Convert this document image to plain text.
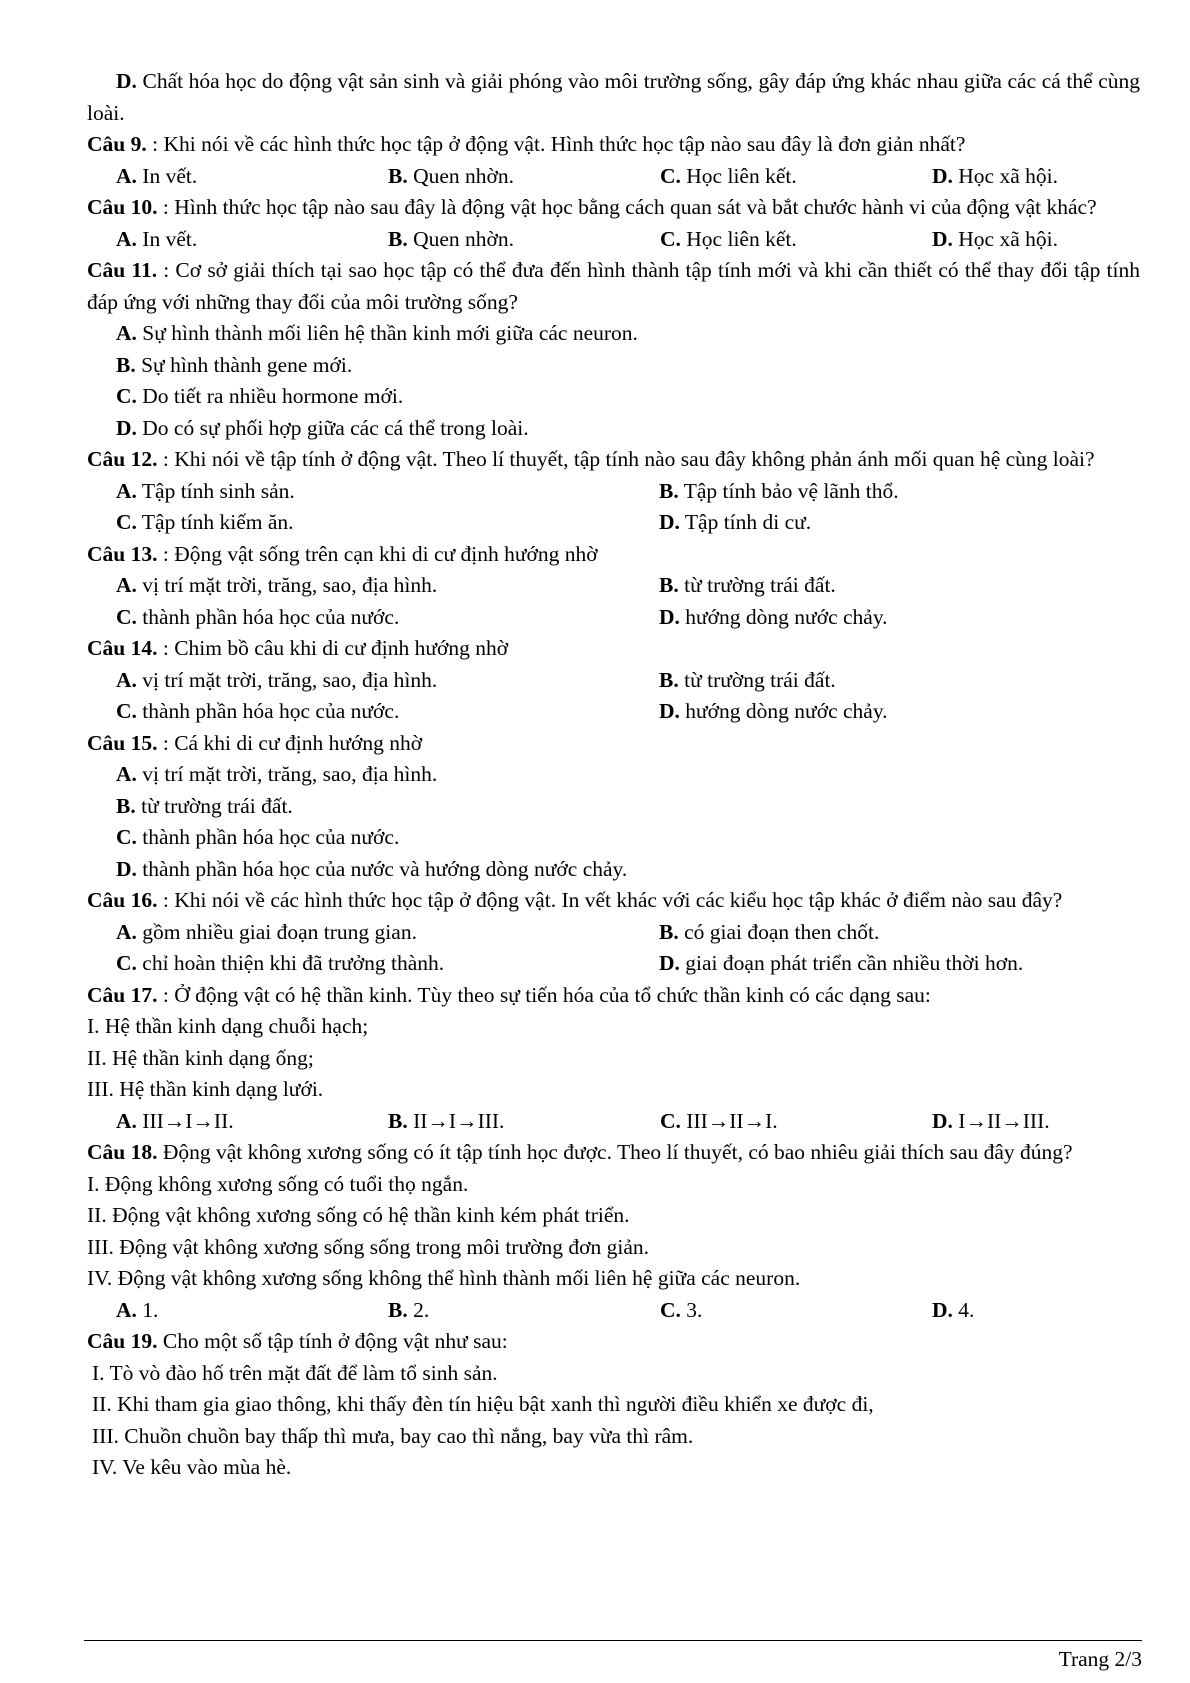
D. Chất hóa học do động vật sản sinh và giải phóng vào môi trường sống, gây đáp ứng khác nhau giữa các cá thể cùng loài.

Câu 9. : Khi nói về các hình thức học tập ở động vật. Hình thức học tập nào sau đây là đơn giản nhất?

A. In vết.	B. Quen nhờn.	C. Học liên kết.	D. Học xã hội.

Câu 10. : Hình thức học tập nào sau đây là động vật học bằng cách quan sát và bắt chước hành vi của động vật khác?

A. In vết.	B. Quen nhờn.	C. Học liên kết.	D. Học xã hội.

Câu 11. : Cơ sở giải thích tại sao học tập có thể đưa đến hình thành tập tính mới và khi cần thiết có thể thay đổi tập tính đáp ứng với những thay đổi của môi trường sống?

A. Sự hình thành mối liên hệ thần kinh mới giữa các neuron.
B. Sự hình thành gene mới.
C. Do tiết ra nhiều hormone mới.
D. Do có sự phối hợp giữa các cá thể trong loài.

Câu 12. : Khi nói về tập tính ở động vật. Theo lí thuyết, tập tính nào sau đây không phản ánh mối quan hệ cùng loài?

A. Tập tính sinh sản.	B. Tập tính bảo vệ lãnh thổ.
C. Tập tính kiếm ăn.	D. Tập tính di cư.

Câu 13. : Động vật sống trên cạn khi di cư định hướng nhờ

A. vị trí mặt trời, trăng, sao, địa hình.	B. từ trường trái đất.
C. thành phần hóa học của nước.	D. hướng dòng nước chảy.

Câu 14. : Chim bồ câu khi di cư định hướng nhờ

A. vị trí mặt trời, trăng, sao, địa hình.	B. từ trường trái đất.
C. thành phần hóa học của nước.	D. hướng dòng nước chảy.

Câu 15. : Cá khi di cư định hướng nhờ

A. vị trí mặt trời, trăng, sao, địa hình.
B. từ trường trái đất.
C. thành phần hóa học của nước.
D. thành phần hóa học của nước và hướng dòng nước chảy.

Câu 16. : Khi nói về các hình thức học tập ở động vật. In vết khác với các kiểu học tập khác ở điểm nào sau đây?

A. gồm nhiều giai đoạn trung gian.	B. có giai đoạn then chốt.
C. chỉ hoàn thiện khi đã trưởng thành.	D. giai đoạn phát triển cần nhiều thời hơn.

Câu 17. : Ở động vật có hệ thần kinh. Tùy theo sự tiến hóa của tổ chức thần kinh có các dạng sau:

I. Hệ thần kinh dạng chuỗi hạch;

II. Hệ thần kinh dạng ống;

III. Hệ thần kinh dạng lưới.

A. III→I→II.	B. II→I→III.	C. III→II→I.	D. I→II→III.

Câu 18. Động vật không xương sống có ít tập tính học được. Theo lí thuyết, có bao nhiêu giải thích sau đây đúng?

I. Động không xương sống có tuổi thọ ngắn.

II. Động vật không xương sống có hệ thần kinh kém phát triển.

III. Động vật không xương sống sống trong môi trường đơn giản.

IV. Động vật không xương sống không thể hình thành mối liên hệ giữa các neuron.

A. 1.	B. 2.	C. 3.	D. 4.

Câu 19. Cho một số tập tính ở động vật như sau:

I. Tò vò đào hố trên mặt đất để làm tổ sinh sản.

II. Khi tham gia giao thông, khi thấy đèn tín hiệu bật xanh thì người điều khiển xe được đi,

III. Chuồn chuồn bay thấp thì mưa, bay cao thì nắng, bay vừa thì râm.

IV. Ve kêu vào mùa hè.

Trang 2/3
